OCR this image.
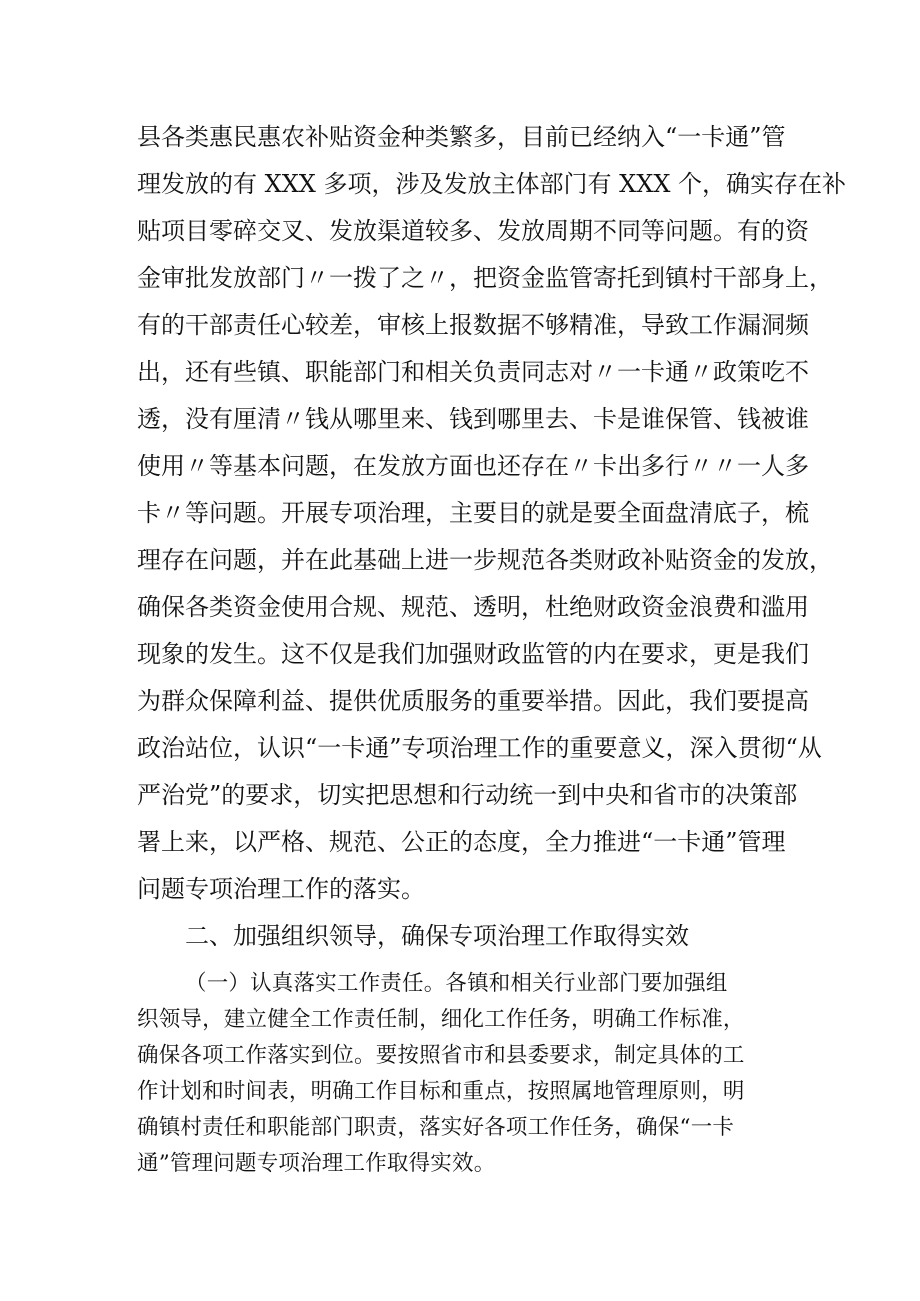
县各类惠民惠农补贴资金种类繁多，目前已经纳入“一卡通”管
理发放的有 XXX 多项，涉及发放主体部门有 XXX 个，确实存在补
贴项目零碎交叉、发放渠道较多、发放周期不同等问题。有的资
金审批发放部门〃一拨了之〃，把资金监管寄托到镇村干部身上，
有的干部责任心较差，审核上报数据不够精准，导致工作漏洞频
出，还有些镇、职能部门和相关负责同志对〃一卡通〃政策吃不
透，没有厘清〃钱从哪里来、钱到哪里去、卡是谁保管、钱被谁
使用〃等基本问题，在发放方面也还存在〃卡出多行〃〃一人多
卡〃等问题。开展专项治理，主要目的就是要全面盘清底子，梳
理存在问题，并在此基础上进一步规范各类财政补贴资金的发放，
确保各类资金使用合规、规范、透明，杜绝财政资金浪费和滥用
现象的发生。这不仅是我们加强财政监管的内在要求，更是我们
为群众保障利益、提供优质服务的重要举措。因此，我们要提高
政治站位，认识“一卡通”专项治理工作的重要意义，深入贯彻“从
严治党”的要求，切实把思想和行动统一到中央和省市的决策部
署上来，以严格、规范、公正的态度，全力推进“一卡通”管理
问题专项治理工作的落实。
二、加强组织领导，确保专项治理工作取得实效
（一）认真落实工作责任。各镇和相关行业部门要加强组
织领导，建立健全工作责任制，细化工作任务，明确工作标准，
确保各项工作落实到位。要按照省市和县委要求，制定具体的工
作计划和时间表，明确工作目标和重点，按照属地管理原则，明
确镇村责任和职能部门职责，落实好各项工作任务，确保“一卡
通”管理问题专项治理工作取得实效。
